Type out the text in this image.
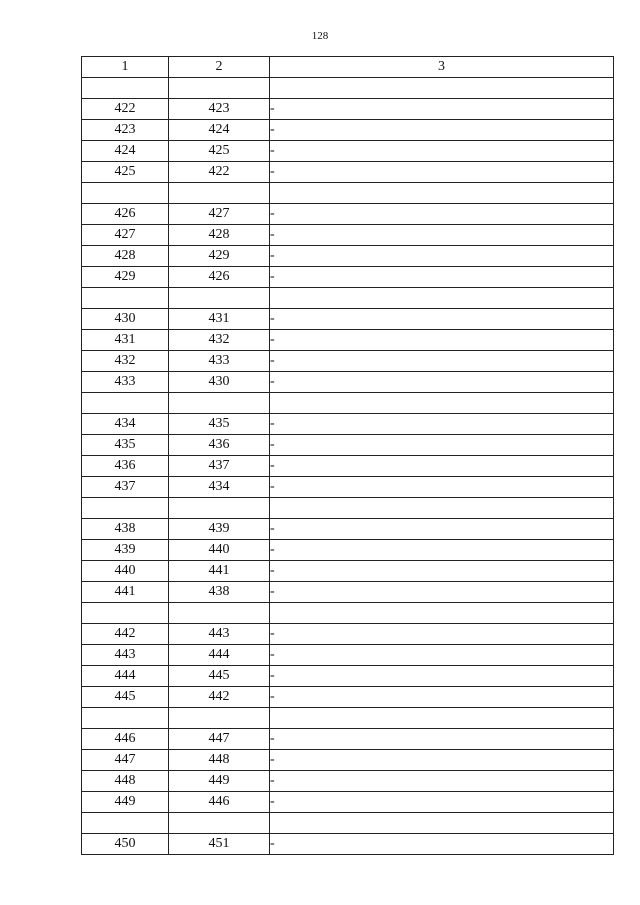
128
1	2	3

422	423	-
423	424	-
424	425	-
425	422	-

426	427	-
427	428	-
428	429	-
429	426	-

430	431	-
431	432	-
432	433	-
433	430	-

434	435	-
435	436	-
436	437	-
437	434	-

438	439	-
439	440	-
440	441	-
441	438	-

442	443	-
443	444	-
444	445	-
445	442	-

446	447	-
447	448	-
448	449	-
449	446	-

450	451	-
